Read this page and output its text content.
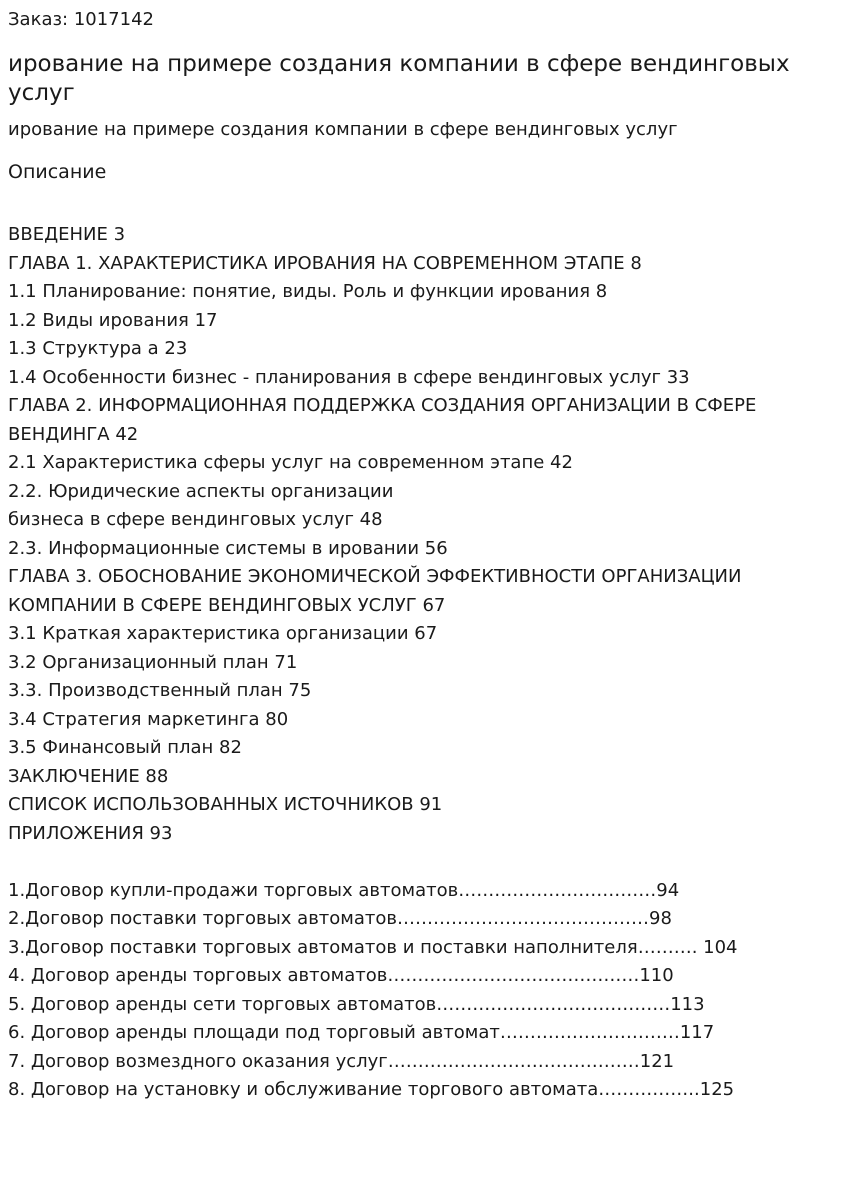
Заказ: 1017142

ирование на примере создания компании в сфере вендинговых услуг

ирование на примере создания компании в сфере вендинговых услуг

Описание

ВВЕДЕНИЕ 3
ГЛАВА 1. ХАРАКТЕРИСТИКА ИРОВАНИЯ НА СОВРЕМЕННОМ ЭТАПЕ 8
1.1 Планирование: понятие, виды. Роль и функции ирования 8
1.2 Виды ирования 17
1.3 Структура а 23
1.4 Особенности бизнес - планирования в сфере вендинговых услуг 33
ГЛАВА 2. ИНФОРМАЦИОННАЯ ПОДДЕРЖКА СОЗДАНИЯ ОРГАНИЗАЦИИ В СФЕРЕ ВЕНДИНГА 42
2.1 Характеристика сферы услуг на современном этапе 42
2.2. Юридические аспекты организации
бизнеса в сфере вендинговых услуг 48
2.3. Информационные системы в ировании 56
ГЛАВА 3. ОБОСНОВАНИЕ ЭКОНОМИЧЕСКОЙ ЭФФЕКТИВНОСТИ ОРГАНИЗАЦИИ КОМПАНИИ В СФЕРЕ ВЕНДИНГОВЫХ УСЛУГ 67
3.1 Краткая характеристика организации 67
3.2 Организационный план 71
3.3. Производственный план 75
3.4 Стратегия маркетинга 80
3.5 Финансовый план 82
ЗАКЛЮЧЕНИЕ 88
СПИСОК ИСПОЛЬЗОВАННЫХ ИСТОЧНИКОВ 91
ПРИЛОЖЕНИЯ 93
1.Договор купли-продажи торговых автоматов……………………………94
2.Договор поставки торговых автоматов……………………………………98
3.Договор поставки торговых автоматов и поставки наполнителя………. 104
4. Договор аренды торговых автоматов……………………………………110
5. Договор аренды сети торговых автоматов…………………………………113
6. Договор аренды площади под торговый автомат…………………………117
7. Договор возмездного оказания услуг……………………………………121
8. Договор на установку и обслуживание торгового автомата……………..125
